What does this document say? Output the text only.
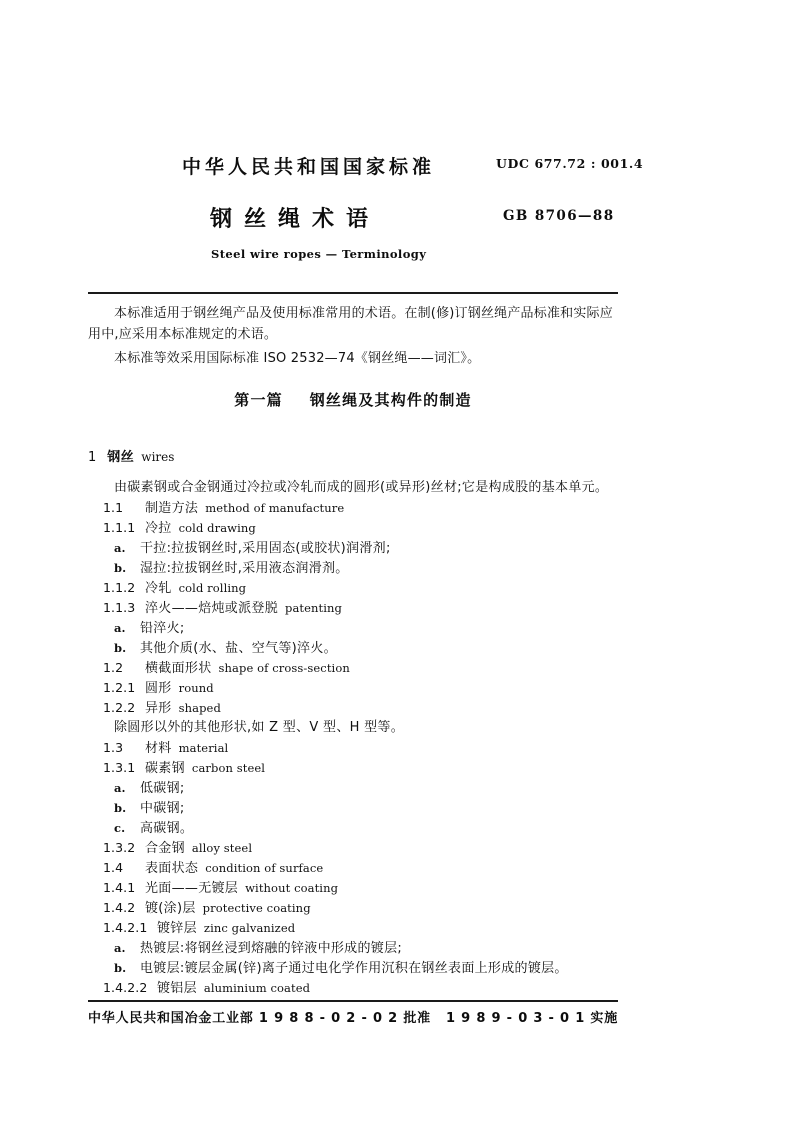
中华人民共和国国家标准	UDC 677.72 : 001.4
钢丝绳术语	GB 8706—88
Steel wire ropes — Terminology

本标准适用于钢丝绳产品及使用标准常用的术语。在制(修)订钢丝绳产品标准和实际应用中,应采用本标准规定的术语。

本标准等效采用国际标准 ISO 2532—74《钢丝绳——词汇》。

第一篇 钢丝绳及其构件的制造
1 钢丝 wires
由碳素钢或合金钢通过冷拉或冷轧而成的圆形(或异形)丝材;它是构成股的基本单元。
1.1 制造方法 method of manufacture
1.1.1 冷拉 cold drawing
a. 干拉:拉拔钢丝时,采用固态(或胶状)润滑剂;
b. 湿拉:拉拔钢丝时,采用液态润滑剂。
1.1.2 冷轧 cold rolling
1.1.3 淬火——焙炖或派登脱 patenting
a. 铅淬火;
b. 其他介质(水、盐、空气等)淬火。
1.2 横截面形状 shape of cross-section
1.2.1 圆形 round
1.2.2 异形 shaped
除圆形以外的其他形状,如 Z 型、V 型、H 型等。
1.3 材料 material
1.3.1 碳素钢 carbon steel
a. 低碳钢;
b. 中碳钢;
c. 高碳钢。
1.3.2 合金钢 alloy steel
1.4 表面状态 condition of surface
1.4.1 光面——无镀层 without coating
1.4.2 镀(涂)层 protective coating
1.4.2.1 镀锌层 zinc galvanized
a. 热镀层:将钢丝浸到熔融的锌液中形成的镀层;
b. 电镀层:镀层金属(锌)离子通过电化学作用沉积在钢丝表面上形成的镀层。
1.4.2.2 镀铝层 aluminium coated
中华人民共和国冶金工业部 1 9 8 8 - 0 2 - 0 2 批准 1 9 8 9 - 0 3 - 0 1 实施
